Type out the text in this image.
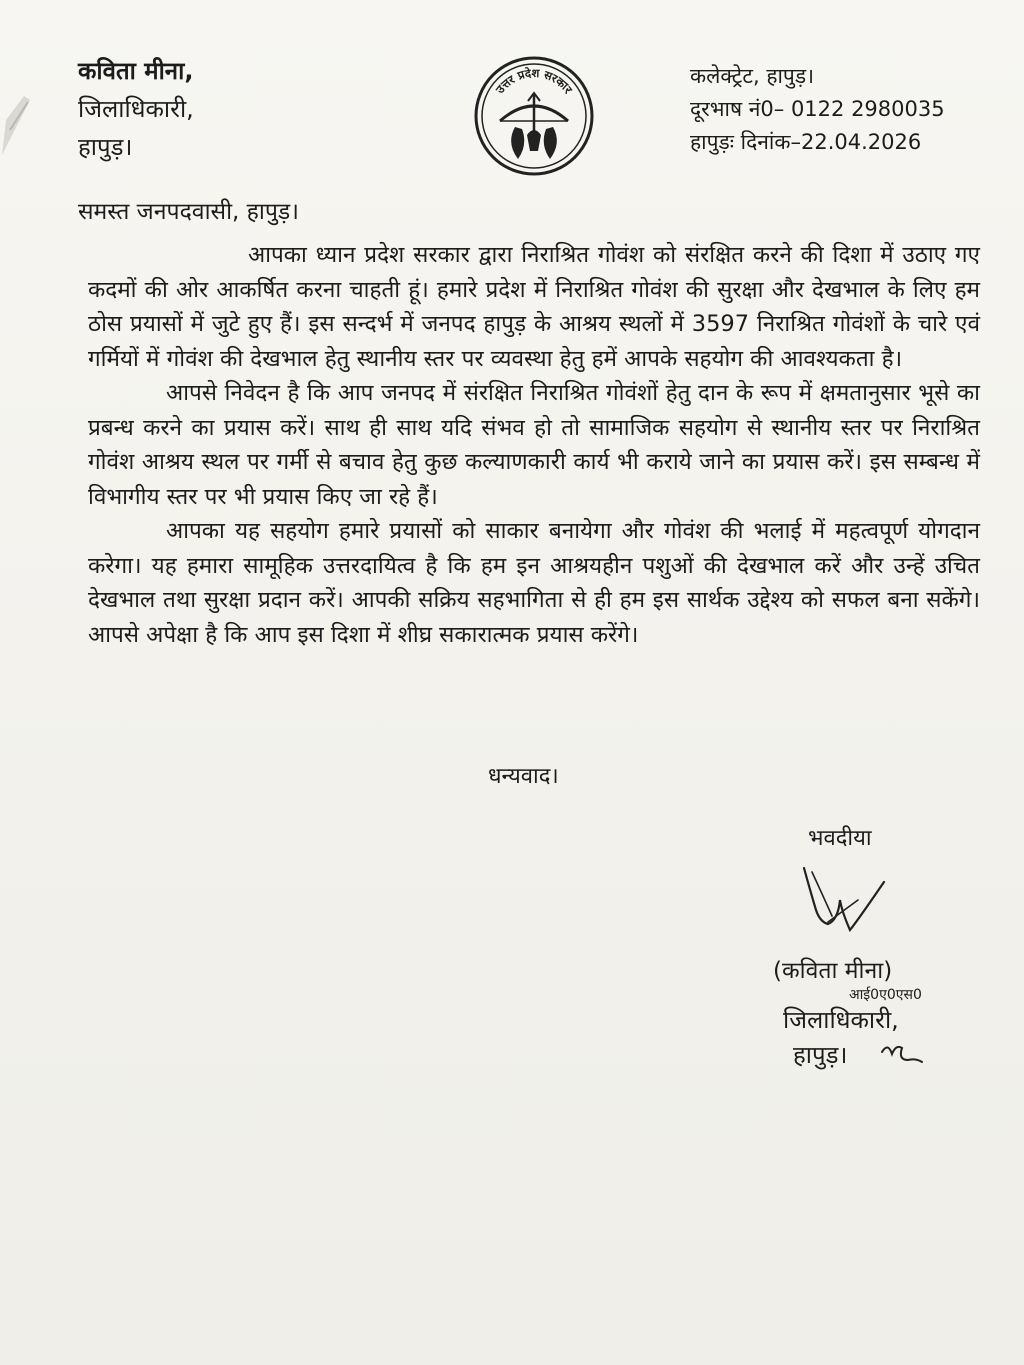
कविता मीना,
जिलाधिकारी,
हापुड़।
उत्तर प्रदेश सरकार
कलेक्ट्रेट, हापुड़।
दूरभाष नं0– 0122 2980035
हापुड़ः दिनांक–22.04.2026
समस्त जनपदवासी, हापुड़।

आपका ध्यान प्रदेश सरकार द्वारा निराश्रित गोवंश को संरक्षित करने की दिशा में उठाए गए कदमों की ओर आकर्षित करना चाहती हूं। हमारे प्रदेश में निराश्रित गोवंश की सुरक्षा और देखभाल के लिए हम ठोस प्रयासों में जुटे हुए हैं। इस सन्दर्भ में जनपद हापुड़ के आश्रय स्थलों में 3597 निराश्रित गोवंशों के चारे एवं गर्मियों में गोवंश की देखभाल हेतु स्थानीय स्तर पर व्यवस्था हेतु हमें आपके सहयोग की आवश्यकता है।

आपसे निवेदन है कि आप जनपद में संरक्षित निराश्रित गोवंशों हेतु दान के रूप में क्षमतानुसार भूसे का प्रबन्ध करने का प्रयास करें। साथ ही साथ यदि संभव हो तो सामाजिक सहयोग से स्थानीय स्तर पर निराश्रित गोवंश आश्रय स्थल पर गर्मी से बचाव हेतु कुछ कल्याणकारी कार्य भी कराये जाने का प्रयास करें। इस सम्बन्ध में विभागीय स्तर पर भी प्रयास किए जा रहे हैं।

आपका यह सहयोग हमारे प्रयासों को साकार बनायेगा और गोवंश की भलाई में महत्वपूर्ण योगदान करेगा। यह हमारा सामूहिक उत्तरदायित्व है कि हम इन आश्रयहीन पशुओं की देखभाल करें और उन्हें उचित देखभाल तथा सुरक्षा प्रदान करें। आपकी सक्रिय सहभागिता से ही हम इस सार्थक उद्देश्य को सफल बना सकेंगे। आपसे अपेक्षा है कि आप इस दिशा में शीघ्र सकारात्मक प्रयास करेंगे।

धन्यवाद।
भवदीया
(कविता मीना)
आई0ए0एस0
जिलाधिकारी,
हापुड़।
